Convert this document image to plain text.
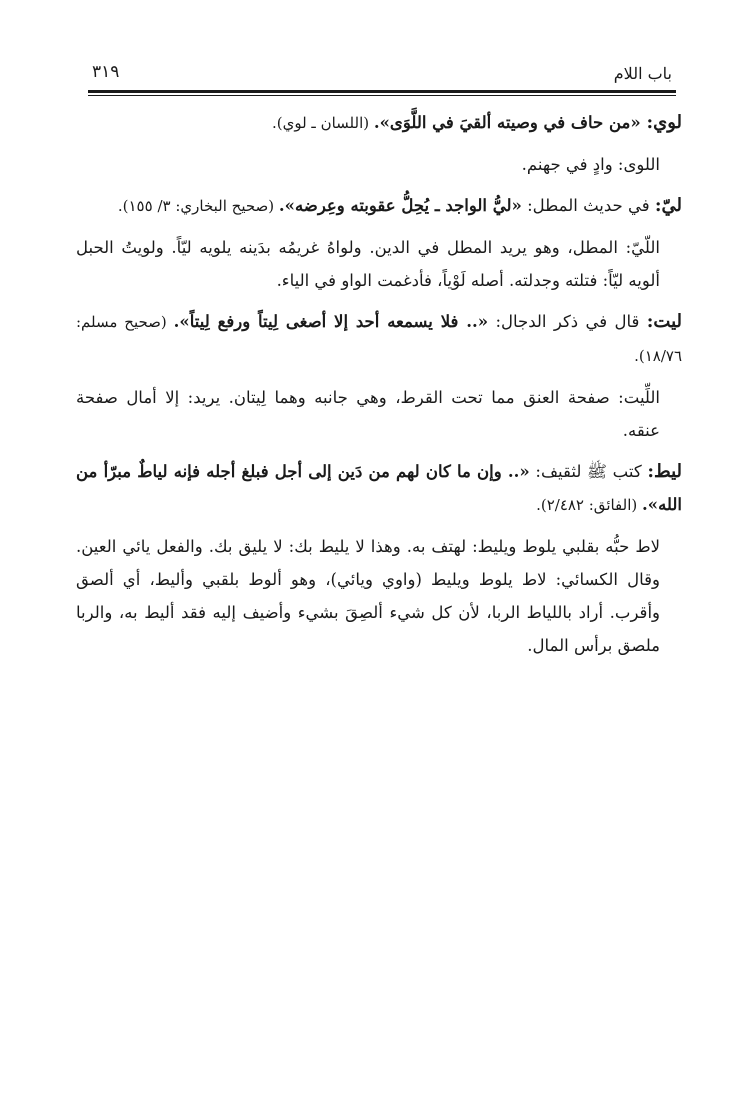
باب اللام
٣١٩

لوي: «من حاف في وصيته ألقيَ في اللَّوَى». (اللسان ـ لوي).

اللوى: وادٍ في جهنم.

ليّ: في حديث المطل: «ليُّ الواجد ـ يُحِلُّ عقوبته وعِرضه». (صحيح البخاري: ٣/ ١٥٥).

اللّيّ: المطل، وهو يريد المطل في الدين. ولواهُ غريمُه بدَينه يلويه ليّاً. ولويتُ الحبل ألويه ليّاً: فتلته وجدلته. أصله لَوْياً، فأدغمت الواو في الياء.

ليت: قال في ذكر الدجال: «.. فلا يسمعه أحد إلا أصغى لِيتاً ورفع لِيتاً». (صحيح مسلم: ١٨/٧٦).

اللِّيت: صفحة العنق مما تحت القرط، وهي جانبه وهما لِيتان. يريد: إلا أمال صفحة عنقه.

ليط: كتب ﷺ لثقيف: «.. وإن ما كان لهم من دَين إلى أجل فبلغ أجله فإنه لياطٌ مبرّأ من الله». (الفائق: ٢/٤٨٢).

لاط حبُّه بقلبي يلوط ويليط: لهتف به. وهذا لا يليط بك: لا يليق بك. والفعل يائي العين. وقال الكسائي: لاط يلوط ويليط (واوي ويائي)، وهو ألوط بلقبي وأليط، أي ألصق وأقرب. أراد باللياط الربا، لأن كل شيء ألصِقَ بشيء وأضيف إليه فقد أليط به، والربا ملصق برأس المال.
